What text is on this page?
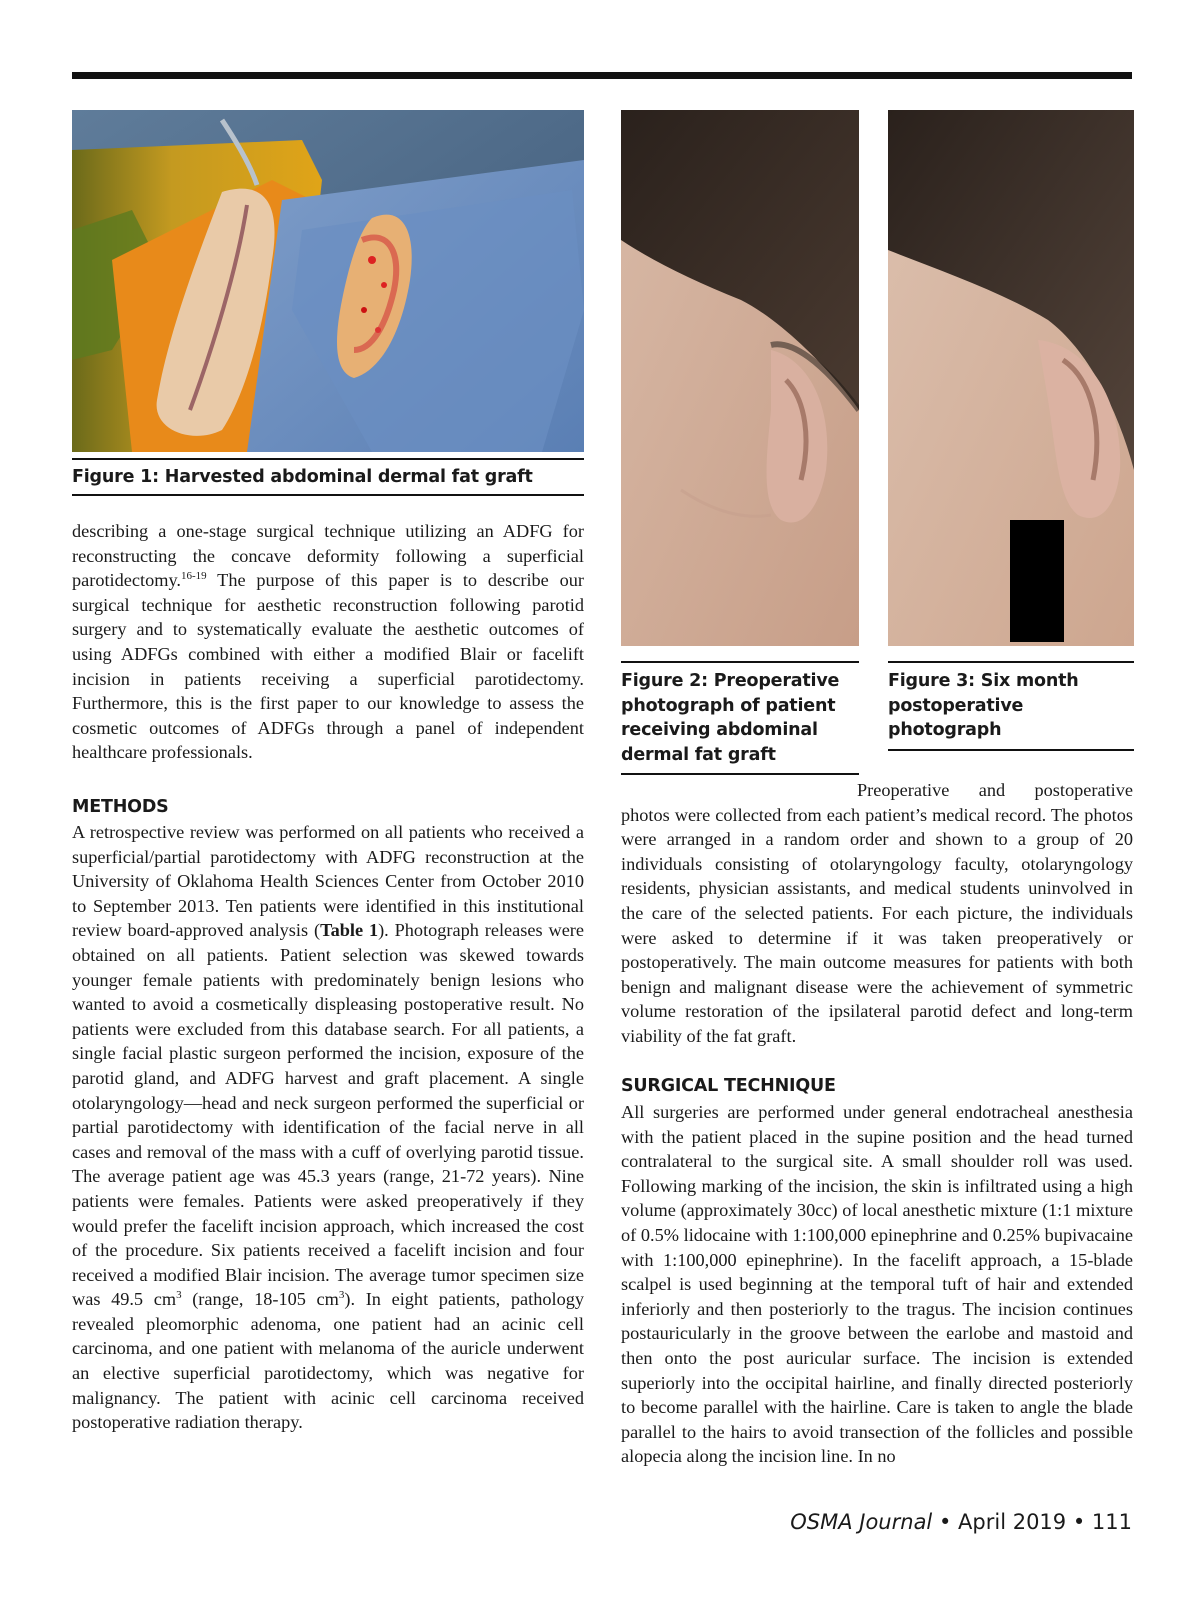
Figure 1: Harvested abdominal dermal fat graft
Figure 2: Preoperative photograph of patient receiving abdominal dermal fat graft
Figure 3: Six month postoperative photograph

describing a one-stage surgical technique utilizing an ADFG for reconstructing the concave deformity following a superficial parotidectomy.$^{16-19}$ The purpose of this paper is to describe our surgical technique for aesthetic reconstruction following parotid surgery and to systematically evaluate the aesthetic outcomes of using ADFGs combined with either a modified Blair or facelift incision in patients receiving a superficial parotidectomy. Furthermore, this is the first paper to our knowledge to assess the cosmetic outcomes of ADFGs through a panel of independent healthcare professionals.

METHODS

A retrospective review was performed on all patients who received a superficial/partial parotidectomy with ADFG reconstruction at the University of Oklahoma Health Sciences Center from October 2010 to September 2013. Ten patients were identified in this institutional review board-approved analysis (Table 1). Photograph releases were obtained on all patients. Patient selection was skewed towards younger female patients with predominately benign lesions who wanted to avoid a cosmetically displeasing postoperative result. No patients were excluded from this database search. For all patients, a single facial plastic surgeon performed the incision, exposure of the parotid gland, and ADFG harvest and graft placement. A single otolaryngology—head and neck surgeon performed the superficial or partial parotidectomy with identification of the facial nerve in all cases and removal of the mass with a cuff of overlying parotid tissue. The average patient age was 45.3 years (range, 21-72 years). Nine patients were females. Patients were asked preoperatively if they would prefer the facelift incision approach, which increased the cost of the procedure. Six patients received a facelift incision and four received a modified Blair incision. The average tumor specimen size was 49.5 $cm^3$ (range, 18-105 $cm^3$). In eight patients, pathology revealed pleomorphic adenoma, one patient had an acinic cell carcinoma, and one patient with melanoma of the auricle underwent an elective superficial parotidectomy, which was negative for malignancy. The patient with acinic cell carcinoma received postoperative radiation therapy.

Preoperative and postoperative photos were collected from each patient’s medical record. The photos were arranged in a random order and shown to a group of 20 individuals consisting of otolaryngology faculty, otolaryngology residents, physician assistants, and medical students uninvolved in the care of the selected patients. For each picture, the individuals were asked to determine if it was taken preoperatively or postoperatively. The main outcome measures for patients with both benign and malignant disease were the achievement of symmetric volume restoration of the ipsilateral parotid defect and long-term viability of the fat graft.

SURGICAL TECHNIQUE

All surgeries are performed under general endotracheal anesthesia with the patient placed in the supine position and the head turned contralateral to the surgical site. A small shoulder roll was used. Following marking of the incision, the skin is infiltrated using a high volume (approximately 30cc) of local anesthetic mixture (1:1 mixture of 0.5% lidocaine with 1:100,000 epinephrine and 0.25% bupivacaine with 1:100,000 epinephrine). In the facelift approach, a 15-blade scalpel is used beginning at the temporal tuft of hair and extended inferiorly and then posteriorly to the tragus. The incision continues postauricularly in the groove between the earlobe and mastoid and then onto the post auricular surface. The incision is extended superiorly into the occipital hairline, and finally directed posteriorly to become parallel with the hairline. Care is taken to angle the blade parallel to the hairs to avoid transection of the follicles and possible alopecia along the incision line. In no

OSMA Journal • April 2019 • 111
